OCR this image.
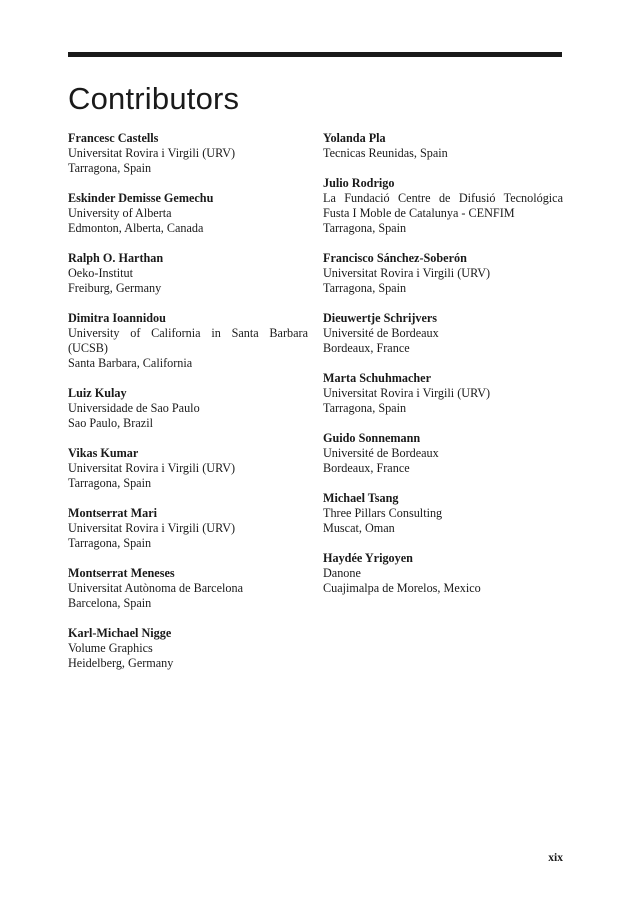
Contributors
Francesc Castells
Universitat Rovira i Virgili (URV)
Tarragona, Spain
Eskinder Demisse Gemechu
University of Alberta
Edmonton, Alberta, Canada
Ralph O. Harthan
Oeko-Institut
Freiburg, Germany
Dimitra Ioannidou
University of California in Santa Barbara
(UCSB)
Santa Barbara, California
Luiz Kulay
Universidade de Sao Paulo
Sao Paulo, Brazil
Vikas Kumar
Universitat Rovira i Virgili (URV)
Tarragona, Spain
Montserrat Mari
Universitat Rovira i Virgili (URV)
Tarragona, Spain
Montserrat Meneses
Universitat Autònoma de Barcelona
Barcelona, Spain
Karl-Michael Nigge
Volume Graphics
Heidelberg, Germany
Yolanda Pla
Tecnicas Reunidas, Spain
Julio Rodrigo
La Fundació Centre de Difusió Tecnológica
Fusta I Moble de Catalunya - CENFIM
Tarragona, Spain
Francisco Sánchez-Soberón
Universitat Rovira i Virgili (URV)
Tarragona, Spain
Dieuwertje Schrijvers
Université de Bordeaux
Bordeaux, France
Marta Schuhmacher
Universitat Rovira i Virgili (URV)
Tarragona, Spain
Guido Sonnemann
Université de Bordeaux
Bordeaux, France
Michael Tsang
Three Pillars Consulting
Muscat, Oman
Haydée Yrigoyen
Danone
Cuajimalpa de Morelos, Mexico
xix
